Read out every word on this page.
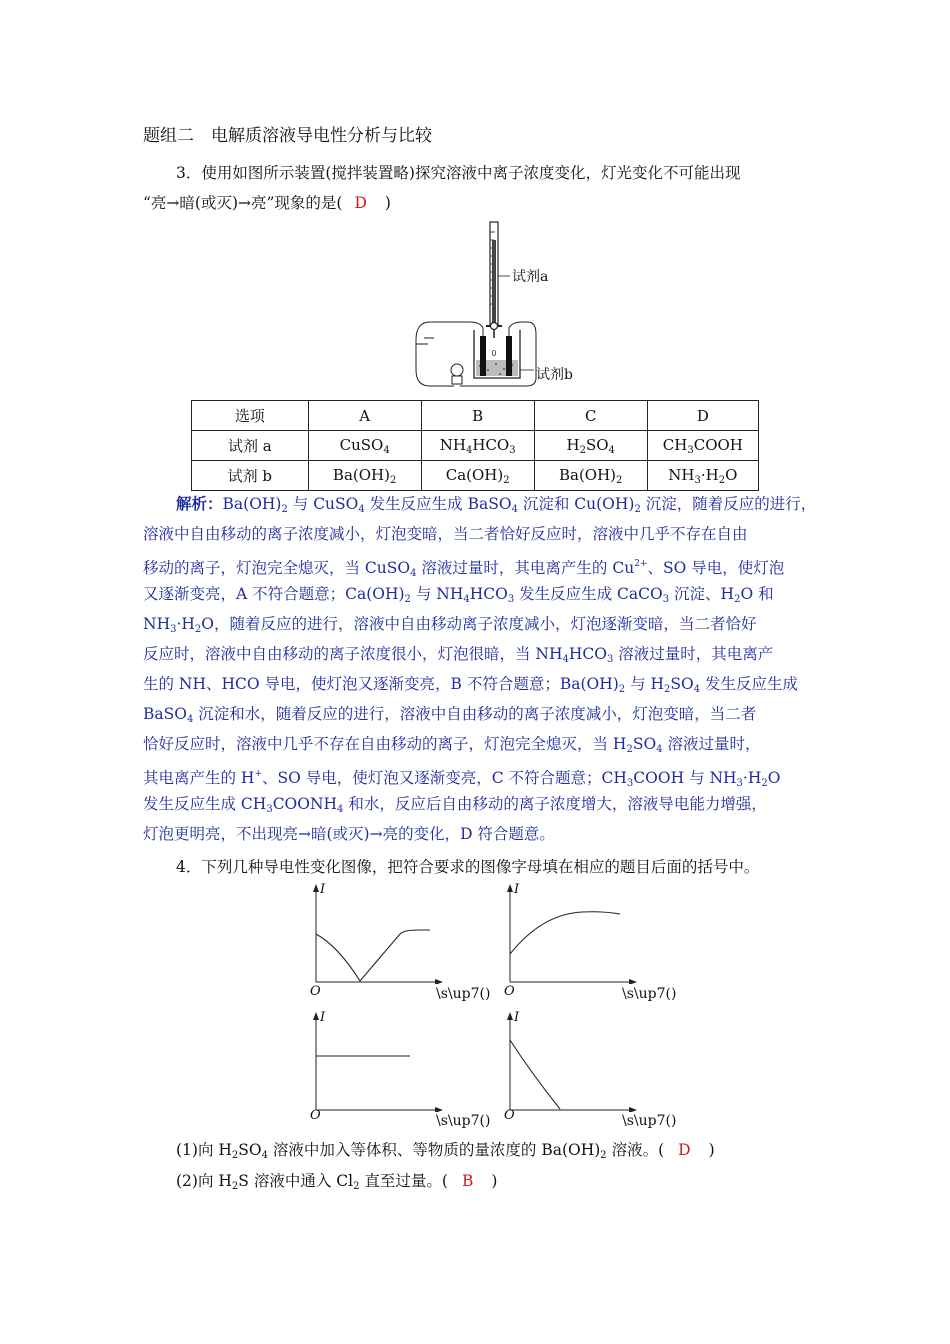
题组二　电解质溶液导电性分析与比较
3．使用如图所示装置(搅拌装置略)探究溶液中离子浓度变化，灯光变化不可能出现
“亮→暗(或灭)→亮”现象的是( D )
0
试剂a
试剂b
选项	A	B	C	D
试剂 a	CuSO$_4$	$NH_4HCO_3$	$H_2SO_4$	$CH_3COOH$
试剂 b	$Ba(OH)_2$	$Ca(OH)_2$	$Ba(OH)_2$	$NH_3\cdot H_2O$
解析：$Ba(OH)_2$ 与 CuSO$_4$ 发生反应生成 BaSO$_4$ 沉淀和 $Cu(OH)_2$ 沉淀，随着反应的进行，
溶液中自由移动的离子浓度减小，灯泡变暗，当二者恰好反应时，溶液中几乎不存在自由
移动的离子，灯泡完全熄灭，当 CuSO$_4$ 溶液过量时，其电离产生的 $Cu^{2+}$、SO 导电，使灯泡
又逐渐变亮，A 不符合题意；$Ca(OH)_2$ 与 $NH_4HCO_3$ 发生反应生成 CaCO$_3$ 沉淀、$H_2O$ 和
$NH_3\cdot H_2O$，随着反应的进行，溶液中自由移动离子浓度减小，灯泡逐渐变暗，当二者恰好
反应时，溶液中自由移动的离子浓度很小，灯泡很暗，当 $NH_4HCO_3$ 溶液过量时，其电离产
生的 NH、HCO 导电，使灯泡又逐渐变亮，B 不符合题意；$Ba(OH)_2$ 与 $H_2SO_4$ 发生反应生成
BaSO$_4$ 沉淀和水，随着反应的进行，溶液中自由移动的离子浓度减小，灯泡变暗，当二者
恰好反应时，溶液中几乎不存在自由移动的离子，灯泡完全熄灭，当 $H_2SO_4$ 溶液过量时，
其电离产生的 H+、SO 导电，使灯泡又逐渐变亮，C 不符合题意；$CH_3COOH$ 与 $NH_3\cdot H_2O$
发生反应生成 $CH_3COONH_4$ 和水，反应后自由移动的离子浓度增大，溶液导电能力增强，
灯泡更明亮，不出现亮→暗(或灭)→亮的变化，D 符合题意。
4．下列几种导电性变化图像，把符合要求的图像字母填在相应的题目后面的括号中。
I
O	\s\up7()
I
O	\s\up7()
I
O	\s\up7()
I
O	\s\up7()
(1)向 $H_2SO_4$ 溶液中加入等体积、等物质的量浓度的 $Ba(OH)_2$ 溶液。( D )
(2)向 $H_2S$ 溶液中通入 $Cl_2$ 直至过量。( B )
